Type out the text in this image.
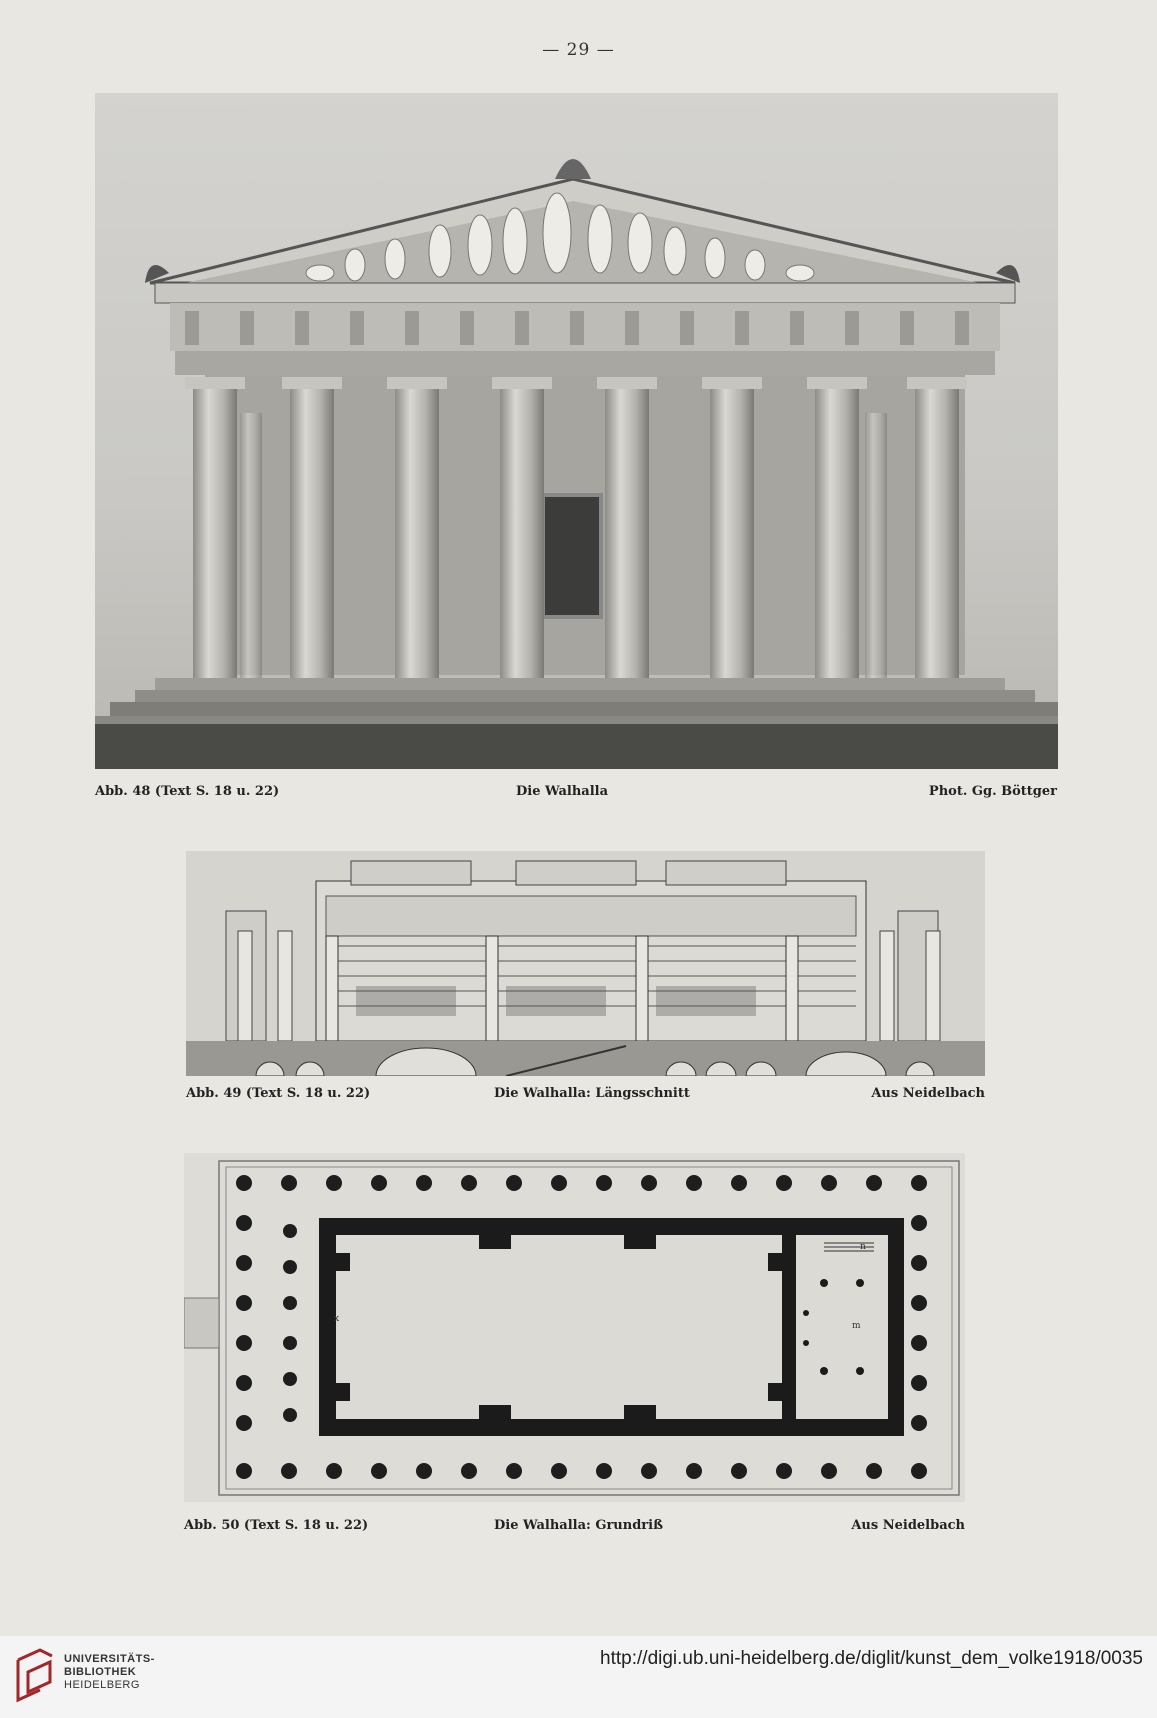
— 29 —
Abb. 48 (Text S. 18 u. 22)	Die Walhalla	Phot. Gg. Böttger
Abb. 49 (Text S. 18 u. 22)	Die Walhalla: Längsschnitt	Aus Neidelbach
x
m
n
Abb. 50 (Text S. 18 u. 22)	Die Walhalla: Grundriß	Aus Neidelbach
UNIVERSITÄTS-
BIBLIOTHEK
HEIDELBERG
http://digi.ub.uni-heidelberg.de/diglit/kunst_dem_volke1918/0035
